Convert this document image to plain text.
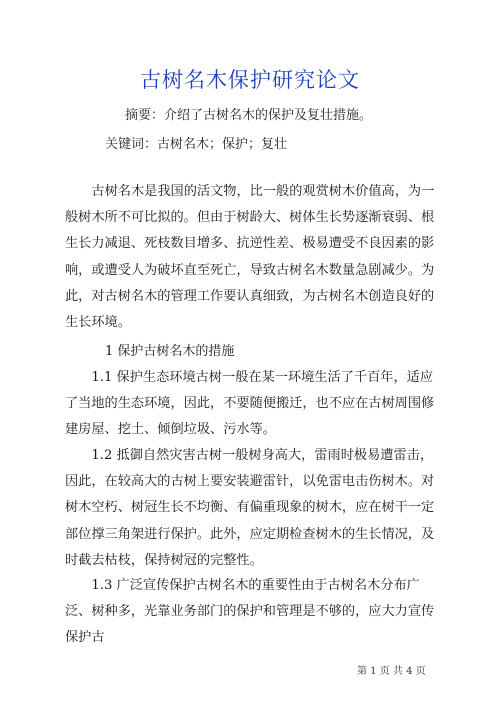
古树名木保护研究论文
摘要：介绍了古树名木的保护及复壮措施。
关键词：古树名木；保护；复壮
古树名木是我国的活文物，比一般的观赏树木价值高，为一般树木所不可比拟的。但由于树龄大、树体生长势逐渐衰弱、根生长力减退、死枝数目增多、抗逆性差、极易遭受不良因素的影响，或遭受人为破坏直至死亡，导致古树名木数量急剧减少。为此，对古树名木的管理工作要认真细致，为古树名木创造良好的生长环境。
1 保护古树名木的措施
1.1 保护生态环境古树一般在某一环境生活了千百年，适应了当地的生态环境，因此，不要随便搬迁，也不应在古树周围修建房屋、挖土、倾倒垃圾、污水等。
1.2 抵御自然灾害古树一般树身高大，雷雨时极易遭雷击，因此，在较高大的古树上要安装避雷针，以免雷电击伤树木。对树木空朽、树冠生长不均衡、有偏重现象的树木，应在树干一定部位撑三角架进行保护。此外，应定期检查树木的生长情况，及时截去枯枝，保持树冠的完整性。
1.3 广泛宣传保护古树名木的重要性由于古树名木分布广泛、树种多，光靠业务部门的保护和管理是不够的，应大力宣传保护古
第 1 页 共 4 页
